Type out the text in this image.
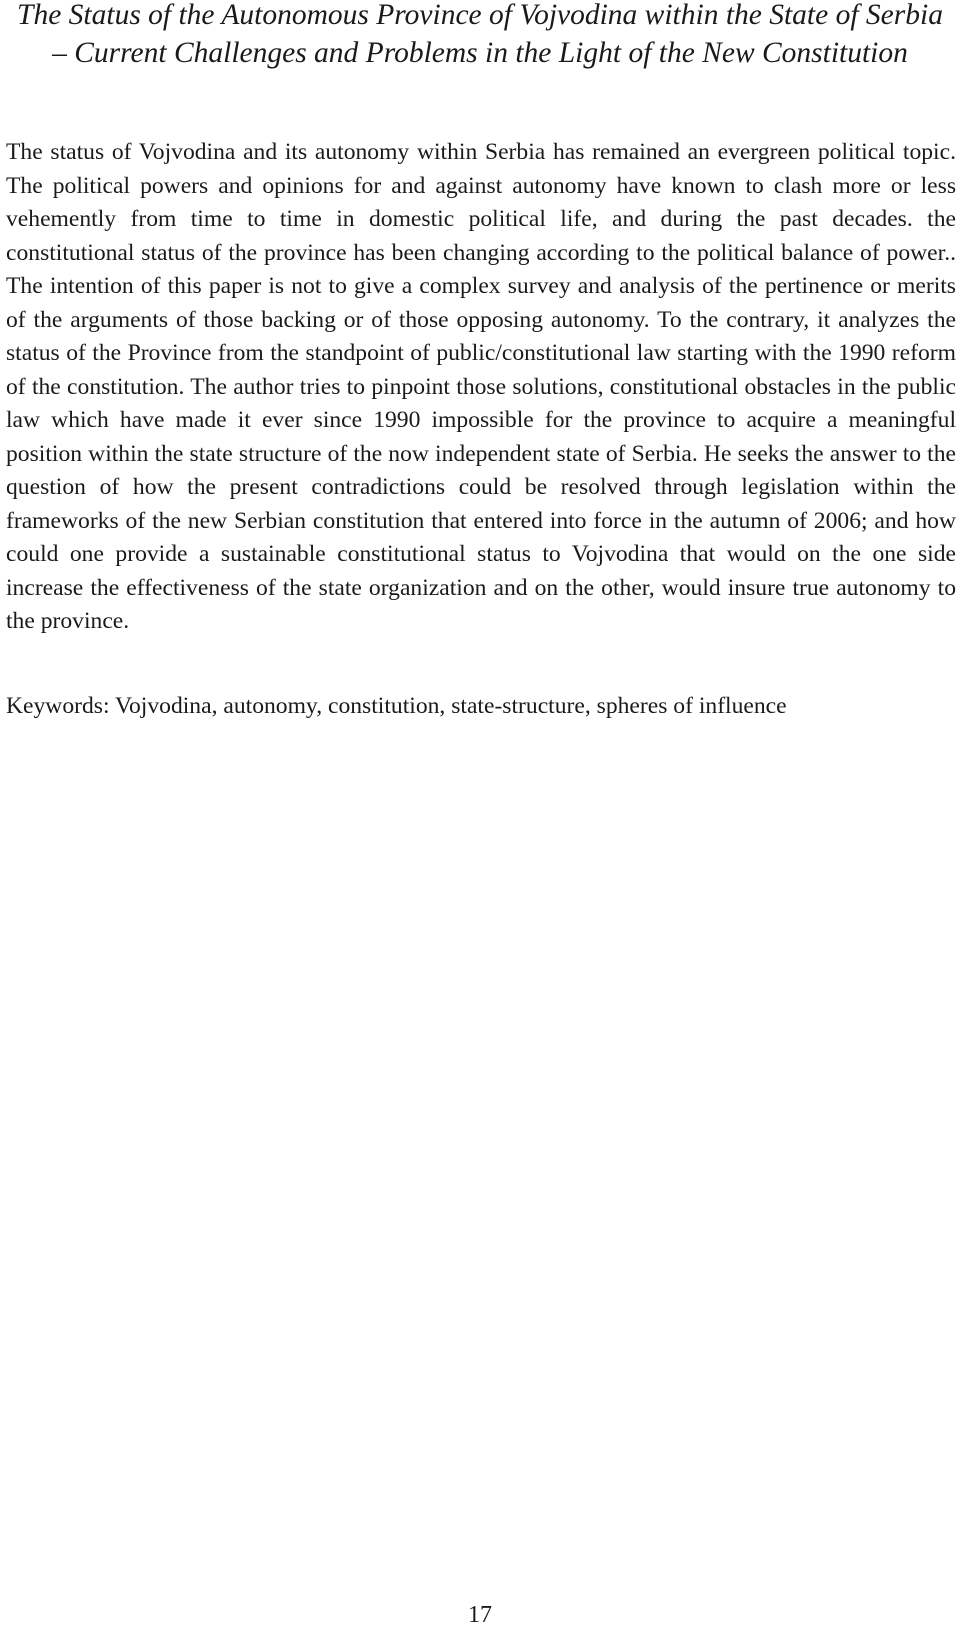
The Status of the Autonomous Province of Vojvodina within the State of Serbia – Current Challenges and Problems in the Light of the New Constitution

The status of Vojvodina and its autonomy within Serbia has remained an evergreen political topic. The political powers and opinions for and against autonomy have known to clash more or less vehemently from time to time in domestic political life, and during the past decades. the constitutional status of the province has been changing according to the political balance of power.. The intention of this paper is not to give a complex survey and analysis of the pertinence or merits of the arguments of those backing or of those opposing autonomy. To the contrary, it analyzes the status of the Province from the standpoint of public/constitutional law starting with the 1990 reform of the constitution. The author tries to pinpoint those solutions, constitutional obstacles in the public law which have made it ever since 1990 impossible for the province to acquire a meaningful position within the state structure of the now independent state of Serbia. He seeks the answer to the question of how the present contradictions could be resolved through legislation within the frameworks of the new Serbian constitution that entered into force in the autumn of 2006; and how could one provide a sustainable constitutional status to Vojvodina that would on the one side increase the effectiveness of the state organization and on the other, would insure true autonomy to the province.

Keywords: Vojvodina, autonomy, constitution, state-structure, spheres of influence

17
